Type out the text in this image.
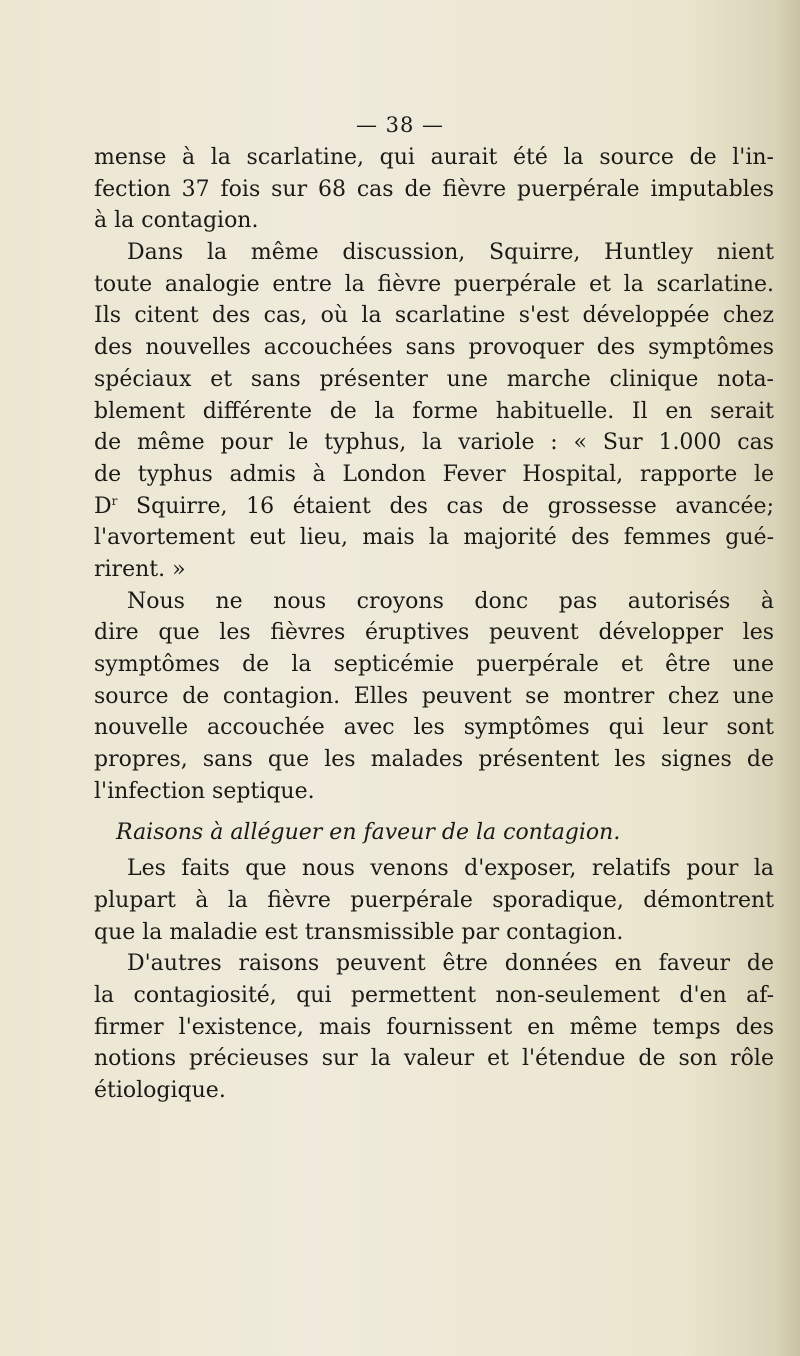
— 38 —
mense à la scarlatine, qui aurait été la source de l'in-
fection 37 fois sur 68 cas de fièvre puerpérale imputables
à la contagion.
Dans la même discussion, Squirre, Huntley nient
toute analogie entre la fièvre puerpérale et la scarlatine.
Ils citent des cas, où la scarlatine s'est développée chez
des nouvelles accouchées sans provoquer des symptômes
spéciaux et sans présenter une marche clinique nota-
blement différente de la forme habituelle. Il en serait
de même pour le typhus, la variole : « Sur 1.000 cas
de typhus admis à London Fever Hospital, rapporte le
$D^r$ Squirre, 16 étaient des cas de grossesse avancée;
l'avortement eut lieu, mais la majorité des femmes gué-
rirent. »
Nous ne nous croyons donc pas autorisés à
dire que les fièvres éruptives peuvent développer les
symptômes de la septicémie puerpérale et être une
source de contagion. Elles peuvent se montrer chez une
nouvelle accouchée avec les symptômes qui leur sont
propres, sans que les malades présentent les signes de
l'infection septique.
Raisons à alléguer en faveur de la contagion.
Les faits que nous venons d'exposer, relatifs pour la
plupart à la fièvre puerpérale sporadique, démontrent
que la maladie est transmissible par contagion.
D'autres raisons peuvent être données en faveur de
la contagiosité, qui permettent non-seulement d'en af-
firmer l'existence, mais fournissent en même temps des
notions précieuses sur la valeur et l'étendue de son rôle
étiologique.
